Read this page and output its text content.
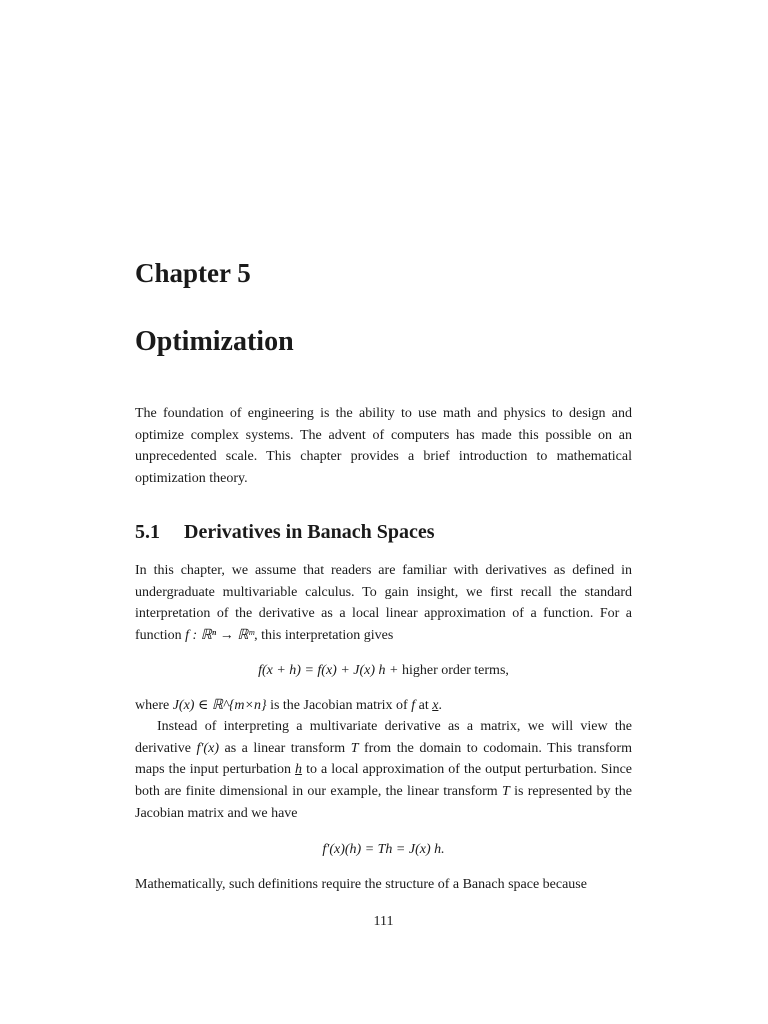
Chapter 5
Optimization
The foundation of engineering is the ability to use math and physics to design and optimize complex systems. The advent of computers has made this possible on an unprecedented scale. This chapter provides a brief introduction to mathematical optimization theory.
5.1 Derivatives in Banach Spaces
In this chapter, we assume that readers are familiar with derivatives as defined in undergraduate multivariable calculus. To gain insight, we first recall the standard interpretation of the derivative as a local linear approximation of a function. For a function f : ℝⁿ → ℝᵐ, this interpretation gives
f(x + h) = f(x) + J(x) h + higher order terms,
where J(x) ∈ ℝ^{m×n} is the Jacobian matrix of f at x.
Instead of interpreting a multivariate derivative as a matrix, we will view the derivative f′(x) as a linear transform T from the domain to codomain. This transform maps the input perturbation h to a local approximation of the output perturbation. Since both are finite dimensional in our example, the linear transform T is represented by the Jacobian matrix and we have
f′(x)(h) = Th = J(x) h.
Mathematically, such definitions require the structure of a Banach space because
111
